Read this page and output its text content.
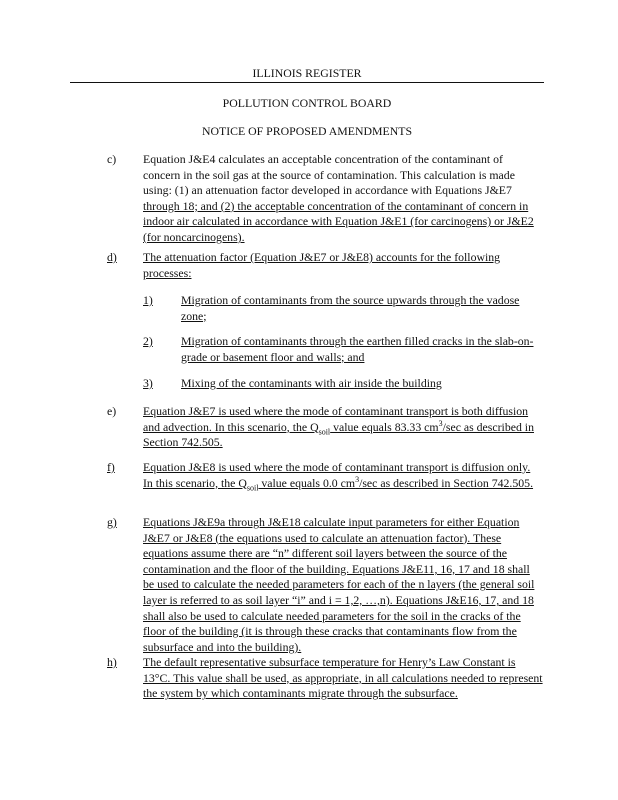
ILLINOIS REGISTER
POLLUTION CONTROL BOARD
NOTICE OF PROPOSED AMENDMENTS
c) Equation J&E4 calculates an acceptable concentration of the contaminant of concern in the soil gas at the source of contamination. This calculation is made using: (1) an attenuation factor developed in accordance with Equations J&E7 through 18; and (2) the acceptable concentration of the contaminant of concern in indoor air calculated in accordance with Equation J&E1 (for carcinogens) or J&E2 (for noncarcinogens).
d) The attenuation factor (Equation J&E7 or J&E8) accounts for the following processes:
1) Migration of contaminants from the source upwards through the vadose zone;
2) Migration of contaminants through the earthen filled cracks in the slab-on-grade or basement floor and walls; and
3) Mixing of the contaminants with air inside the building
e) Equation J&E7 is used where the mode of contaminant transport is both diffusion and advection. In this scenario, the $Q_{soil}$ value equals 83.33 $cm^3/\sec$ as described in Section 742.505.
f) Equation J&E8 is used where the mode of contaminant transport is diffusion only. In this scenario, the $Q_{soil}$ value equals 0.0 $cm^3/\sec$ as described in Section 742.505.
g) Equations J&E9a through J&E18 calculate input parameters for either Equation J&E7 or J&E8 (the equations used to calculate an attenuation factor). These equations assume there are “n” different soil layers between the source of the contamination and the floor of the building. Equations J&E11, 16, 17 and 18 shall be used to calculate the needed parameters for each of the n layers (the general soil layer is referred to as soil layer “i” and i = 1,2, …,n). Equations J&E16, 17, and 18 shall also be used to calculate needed parameters for the soil in the cracks of the floor of the building (it is through these cracks that contaminants flow from the subsurface and into the building).
h) The default representative subsurface temperature for Henry’s Law Constant is 13°C. This value shall be used, as appropriate, in all calculations needed to represent the system by which contaminants migrate through the subsurface.
